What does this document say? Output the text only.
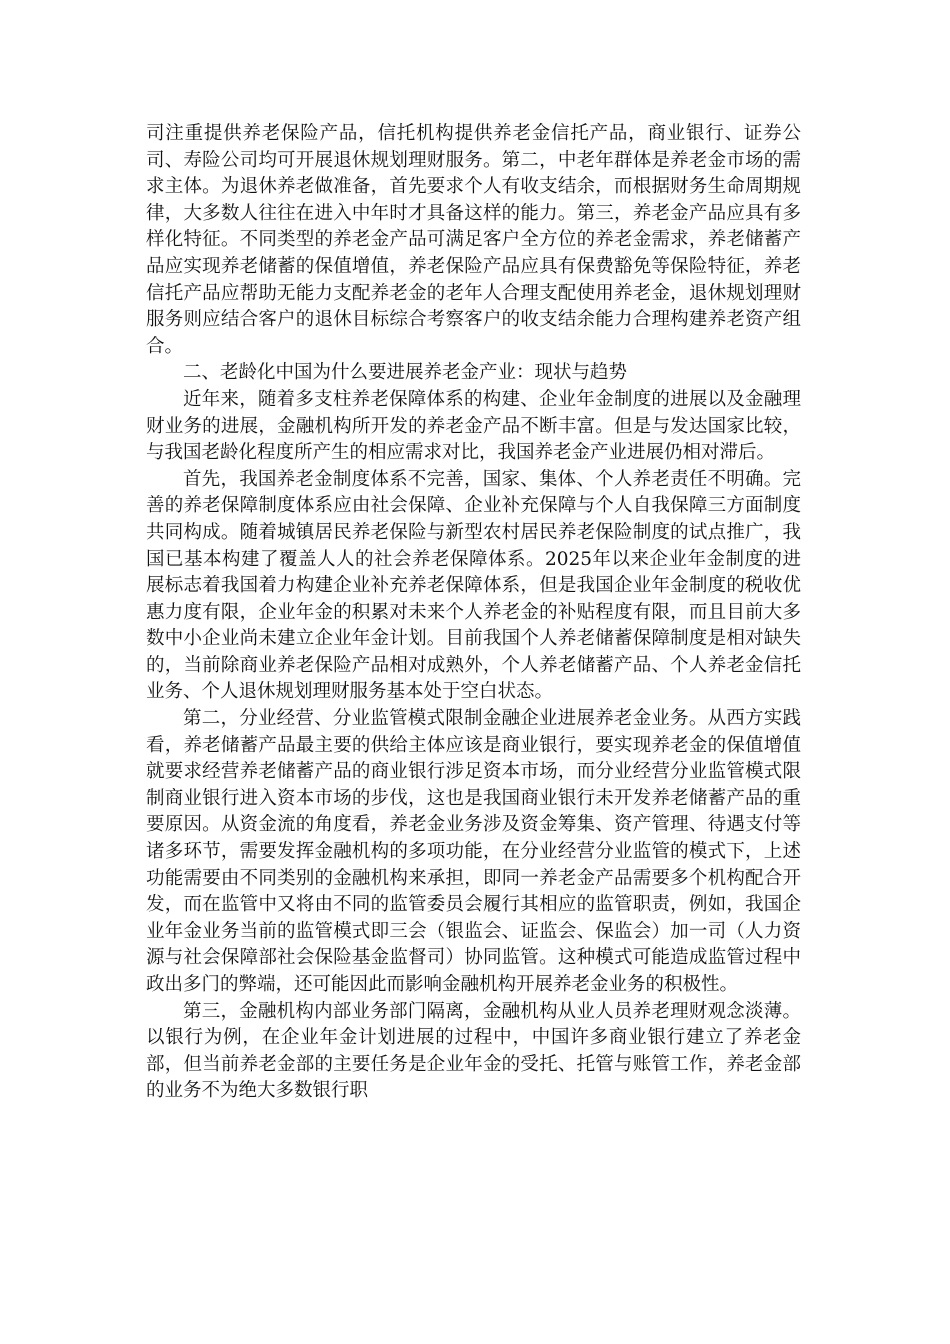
司注重提供养老保险产品，信托机构提供养老金信托产品，商业银行、证券公司、寿险公司均可开展退休规划理财服务。第二，中老年群体是养老金市场的需求主体。为退休养老做准备，首先要求个人有收支结余，而根据财务生命周期规律，大多数人往往在进入中年时才具备这样的能力。第三，养老金产品应具有多样化特征。不同类型的养老金产品可满足客户全方位的养老金需求，养老储蓄产品应实现养老储蓄的保值增值，养老保险产品应具有保费豁免等保险特征，养老信托产品应帮助无能力支配养老金的老年人合理支配使用养老金，退休规划理财服务则应结合客户的退休目标综合考察客户的收支结余能力合理构建养老资产组合。

二、老龄化中国为什么要进展养老金产业：现状与趋势

近年来，随着多支柱养老保障体系的构建、企业年金制度的进展以及金融理财业务的进展，金融机构所开发的养老金产品不断丰富。但是与发达国家比较，与我国老龄化程度所产生的相应需求对比，我国养老金产业进展仍相对滞后。

首先，我国养老金制度体系不完善，国家、集体、个人养老责任不明确。完善的养老保障制度体系应由社会保障、企业补充保障与个人自我保障三方面制度共同构成。随着城镇居民养老保险与新型农村居民养老保险制度的试点推广，我国已基本构建了覆盖人人的社会养老保障体系。2025年以来企业年金制度的进展标志着我国着力构建企业补充养老保障体系，但是我国企业年金制度的税收优惠力度有限，企业年金的积累对未来个人养老金的补贴程度有限，而且目前大多数中小企业尚未建立企业年金计划。目前我国个人养老储蓄保障制度是相对缺失的，当前除商业养老保险产品相对成熟外，个人养老储蓄产品、个人养老金信托业务、个人退休规划理财服务基本处于空白状态。

第二，分业经营、分业监管模式限制金融企业进展养老金业务。从西方实践看，养老储蓄产品最主要的供给主体应该是商业银行，要实现养老金的保值增值就要求经营养老储蓄产品的商业银行涉足资本市场，而分业经营分业监管模式限制商业银行进入资本市场的步伐，这也是我国商业银行未开发养老储蓄产品的重要原因。从资金流的角度看，养老金业务涉及资金筹集、资产管理、待遇支付等诸多环节，需要发挥金融机构的多项功能，在分业经营分业监管的模式下，上述功能需要由不同类别的金融机构来承担，即同一养老金产品需要多个机构配合开发，而在监管中又将由不同的监管委员会履行其相应的监管职责，例如，我国企业年金业务当前的监管模式即三会（银监会、证监会、保监会）加一司（人力资源与社会保障部社会保险基金监督司）协同监管。这种模式可能造成监管过程中政出多门的弊端，还可能因此而影响金融机构开展养老金业务的积极性。

第三，金融机构内部业务部门隔离，金融机构从业人员养老理财观念淡薄。以银行为例，在企业年金计划进展的过程中，中国许多商业银行建立了养老金部，但当前养老金部的主要任务是企业年金的受托、托管与账管工作，养老金部的业务不为绝大多数银行职
